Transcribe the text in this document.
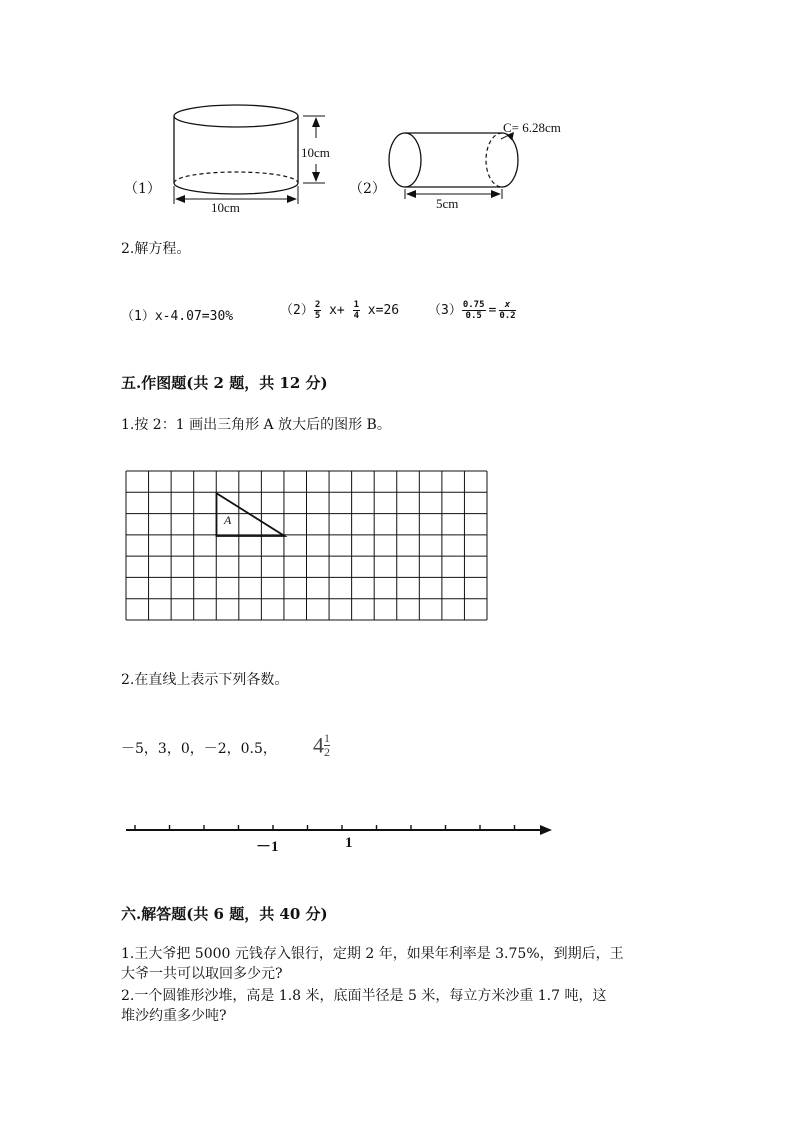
（1）
10cm
10cm
（2）
C= 6.28cm
5cm
2.解方程。
（1）x-4.07=30%	$(2) \frac{2}{5} x+ \frac{1}{4} x=26$ $(3) \frac{0.75}{0.5} = \frac{x}{0.2}$
五.作图题(共 2 题，共 12 分)
1.按 2：1 画出三角形 A 放大后的图形 B。
A
2.在直线上表示下列各数。
－5，3，0，－2，0.5， $4 \frac{1}{2}$
－1	1
六.解答题(共 6 题，共 40 分)
1.王大爷把 5000 元钱存入银行，定期 2 年，如果年利率是 3.75%，到期后，王
大爷一共可以取回多少元?
2.一个圆锥形沙堆，高是 1.8 米，底面半径是 5 米，每立方米沙重 1.7 吨，这
堆沙约重多少吨?
